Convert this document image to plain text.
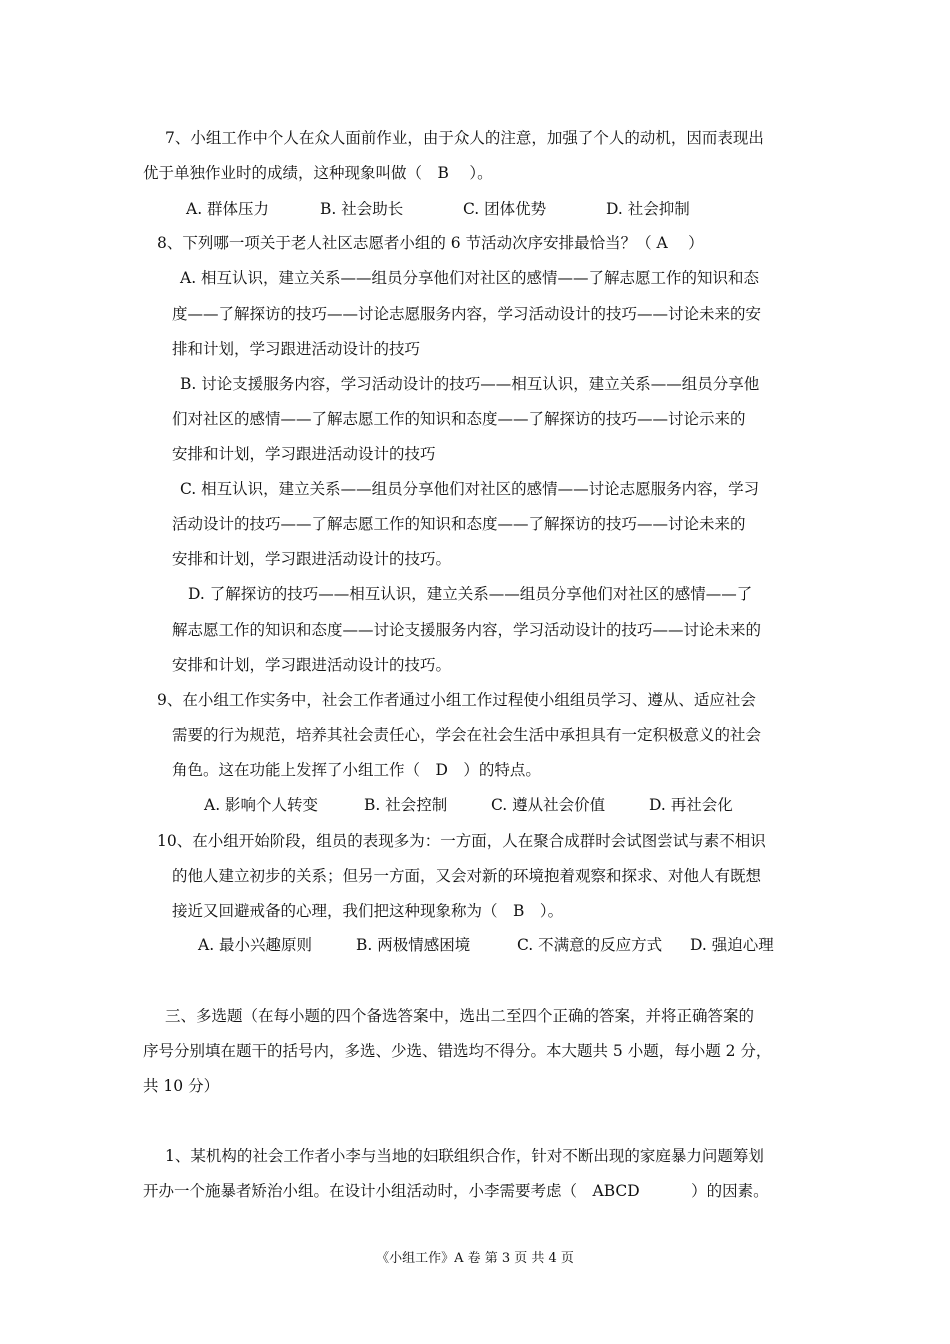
7、小组工作中个人在众人面前作业，由于众人的注意，加强了个人的动机，因而表现出
优于单独作业时的成绩，这种现象叫做（　B　 ）。
A. 群体压力	B. 社会助长	C. 团体优势	D. 社会抑制
8、下列哪一项关于老人社区志愿者小组的 6 节活动次序安排最恰当？（ A　 ）
A. 相互认识，建立关系——组员分享他们对社区的感情——了解志愿工作的知识和态
度——了解探访的技巧——讨论志愿服务内容，学习活动设计的技巧——讨论未来的安
排和计划，学习跟进活动设计的技巧
B. 讨论支援服务内容，学习活动设计的技巧——相互认识，建立关系——组员分享他
们对社区的感情——了解志愿工作的知识和态度——了解探访的技巧——讨论示来的
安排和计划，学习跟进活动设计的技巧
C. 相互认识，建立关系——组员分享他们对社区的感情——讨论志愿服务内容，学习
活动设计的技巧——了解志愿工作的知识和态度——了解探访的技巧——讨论未来的
安排和计划，学习跟进活动设计的技巧。
D. 了解探访的技巧——相互认识，建立关系——组员分享他们对社区的感情——了
解志愿工作的知识和态度——讨论支援服务内容，学习活动设计的技巧——讨论未来的
安排和计划，学习跟进活动设计的技巧。
9、在小组工作实务中，社会工作者通过小组工作过程使小组组员学习、遵从、适应社会
需要的行为规范，培养其社会责任心，学会在社会生活中承担具有一定积极意义的社会
角色。这在功能上发挥了小组工作（　D　）的特点。
A. 影响个人转变	B. 社会控制	C. 遵从社会价值	D. 再社会化
10、在小组开始阶段，组员的表现多为：一方面，人在聚合成群时会试图尝试与素不相识
的他人建立初步的关系；但另一方面，又会对新的环境抱着观察和探求、对他人有既想
接近又回避戒备的心理，我们把这种现象称为（　B　）。
A. 最小兴趣原则	B. 两极情感困境	C. 不满意的反应方式 D. 强迫心理
三、多选题（在每小题的四个备选答案中，选出二至四个正确的答案，并将正确答案的
序号分别填在题干的括号内，多选、少选、错选均不得分。本大题共 5 小题，每小题 2 分，
共 10 分）
1、某机构的社会工作者小李与当地的妇联组织合作，针对不断出现的家庭暴力问题筹划
开办一个施暴者矫治小组。在设计小组活动时，小李需要考虑（　ABCD　　　 ）的因素。
《小组工作》A 卷 第 3 页 共 4 页
